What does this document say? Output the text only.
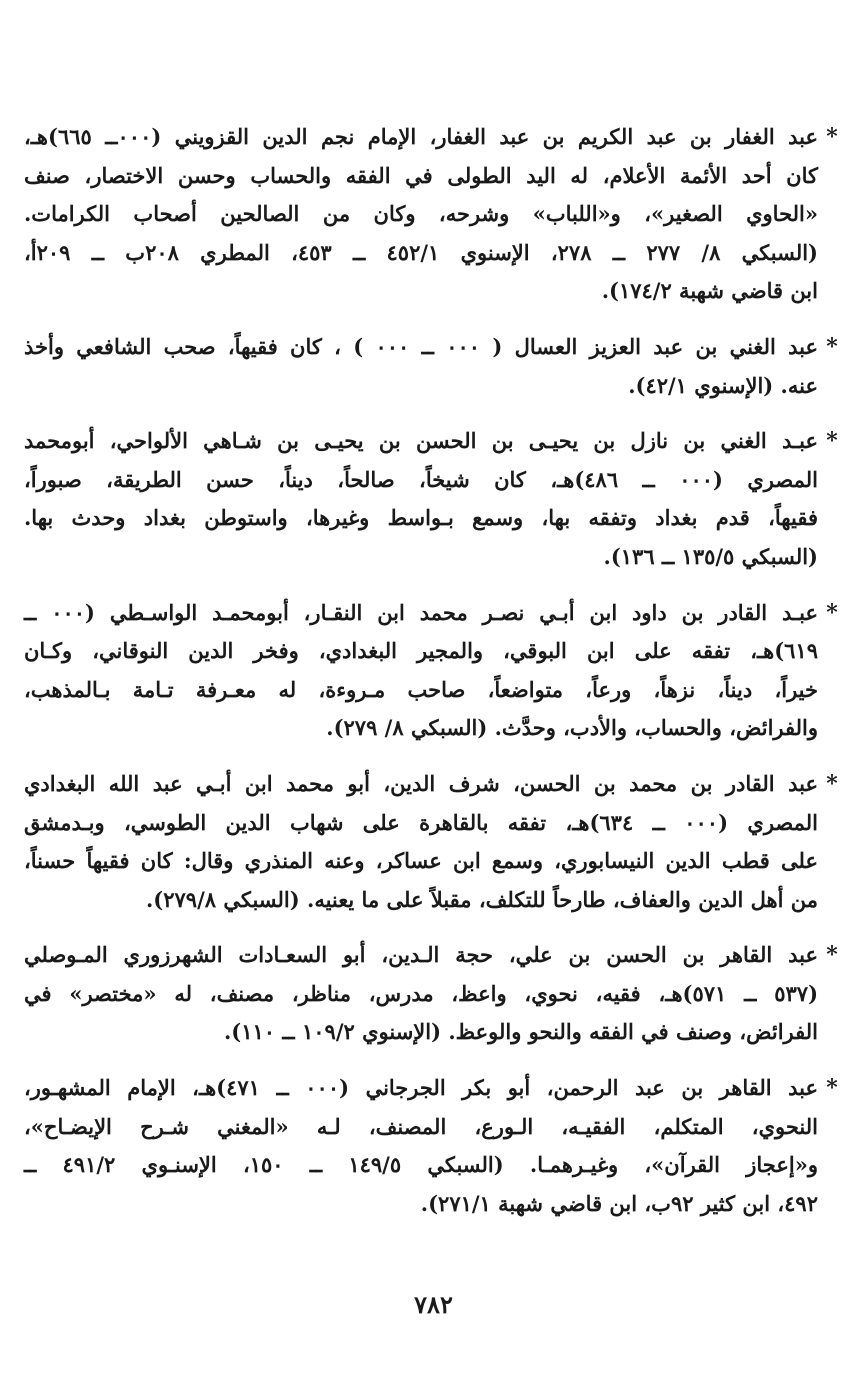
*
عبد الغفار بن عبد الكريم بن عبد الغفار، الإمام نجم الدين القزويني (٠٠٠ــ ٦٦٥)هـ،
كان أحد الأئمة الأعلام، له اليد الطولى في الفقه والحساب وحسن الاختصار، صنف
«الحاوي الصغير»، و«اللباب» وشرحه، وكان من الصالحين أصحاب الكرامات.
(السبكي ٨/ ٢٧٧ ــ ٢٧٨، الإسنوي ٤٥٢/١ ــ ٤٥٣، المطري ٢٠٨ب ــ ٢٠٩أ،
ابن قاضي شهبة ١٧٤/٢).
*
عبد الغني بن عبد العزيز العسال ( ٠٠٠ ــ ٠٠٠ ) ، كان فقيهاً، صحب الشافعي وأخذ
عنه. (الإسنوي ٤٢/١).
*
عبـد الغني بن نازل بن يحيـى بن الحسن بن يحيـى بن شـاهي الألواحي، أبومحمد
المصري (٠٠٠ ــ ٤٨٦)هـ، كان شيخاً، صالحاً، ديناً، حسن الطريقة، صبوراً،
فقيهاً، قدم بغداد وتفقه بها، وسمع بـواسط وغيرها، واستوطن بغداد وحدث بها.
(السبكي ١٣٥/٥ ــ ١٣٦).
*
عبـد القادر بن داود ابن أبـي نصـر محمد ابن النقـار، أبومحمـد الواسـطي (٠٠٠ ــ
٦١٩)هـ، تفقه على ابن البوقي، والمجير البغدادي، وفخر الدين النوقاني، وكـان
خيراً، ديناً، نزهاً، ورعاً، متواضعاً، صاحب مـروءة، له معـرفة تـامة بـالمذهب،
والفرائض، والحساب، والأدب، وحدَّث. (السبكي ٨/ ٢٧٩).
*
عبد القادر بن محمد بن الحسن، شرف الدين، أبو محمد ابن أبـي عبد الله البغدادي
المصري (٠٠٠ ــ ٦٣٤)هـ، تفقه بالقاهرة على شهاب الدين الطوسي، وبـدمشق
على قطب الدين النيسابوري، وسمع ابن عساكر، وعنه المنذري وقال: كان فقيهاً حسناً،
من أهل الدين والعفاف، طارحاً للتكلف، مقبلاً على ما يعنيه. (السبكي ٢٧٩/٨).
*
عبد القاهر بن الحسن بن علي، حجة الـدين، أبو السعـادات الشهرزوري المـوصلي
(٥٣٧ ــ ٥٧١)هـ، فقيه، نحوي، واعظ، مدرس، مناظر، مصنف، له «مختصر» في
الفرائض، وصنف في الفقه والنحو والوعظ. (الإسنوي ١٠٩/٢ ــ ١١٠).
*
عبد القاهر بن عبد الرحمن، أبو بكر الجرجاني (٠٠٠ ــ ٤٧١)هـ، الإمام المشهـور،
النحوي، المتكلم، الفقيـه، الـورع، المصنف، لـه «المغني شـرح الإيضـاح»،
و«إعجاز القرآن»، وغيـرهمـا. (السبكي ١٤٩/٥ ــ ١٥٠، الإسنـوي ٤٩١/٢ ــ
٤٩٢، ابن كثير ٩٢ب، ابن قاضي شهبة ٢٧١/١).
٧٨٢
